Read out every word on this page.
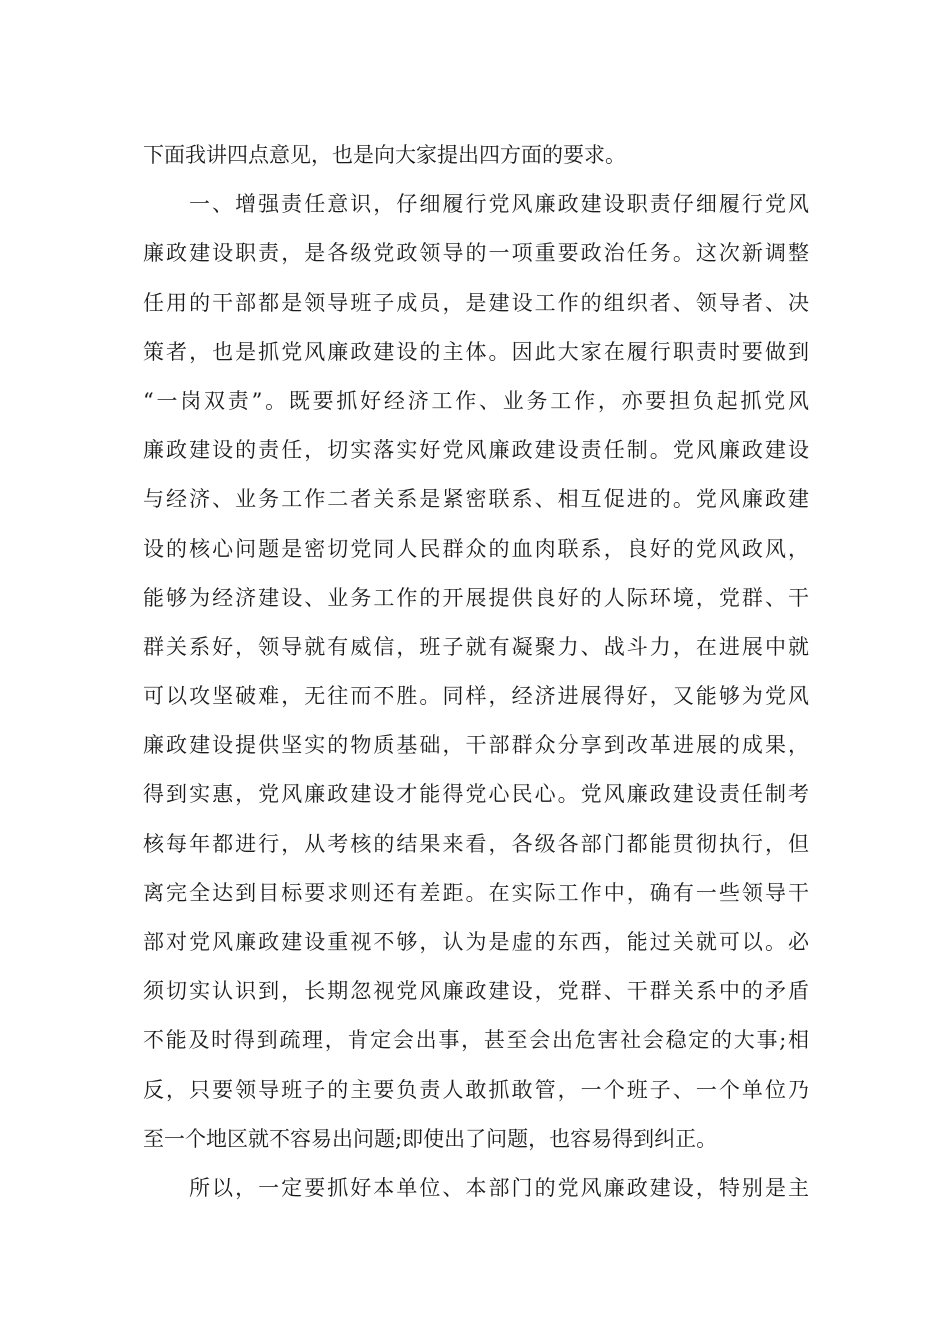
下面我讲四点意见，也是向大家提出四方面的要求。
一、增强责任意识，仔细履行党风廉政建设职责仔细履行党风
廉政建设职责，是各级党政领导的一项重要政治任务。这次新调整
任用的干部都是领导班子成员，是建设工作的组织者、领导者、决
策者，也是抓党风廉政建设的主体。因此大家在履行职责时要做到
“一岗双责”。既要抓好经济工作、业务工作，亦要担负起抓党风
廉政建设的责任，切实落实好党风廉政建设责任制。党风廉政建设
与经济、业务工作二者关系是紧密联系、相互促进的。党风廉政建
设的核心问题是密切党同人民群众的血肉联系，良好的党风政风，
能够为经济建设、业务工作的开展提供良好的人际环境，党群、干
群关系好，领导就有威信，班子就有凝聚力、战斗力，在进展中就
可以攻坚破难，无往而不胜。同样，经济进展得好，又能够为党风
廉政建设提供坚实的物质基础，干部群众分享到改革进展的成果，
得到实惠，党风廉政建设才能得党心民心。党风廉政建设责任制考
核每年都进行，从考核的结果来看，各级各部门都能贯彻执行，但
离完全达到目标要求则还有差距。在实际工作中，确有一些领导干
部对党风廉政建设重视不够，认为是虚的东西，能过关就可以。必
须切实认识到，长期忽视党风廉政建设，党群、干群关系中的矛盾
不能及时得到疏理，肯定会出事，甚至会出危害社会稳定的大事;相
反，只要领导班子的主要负责人敢抓敢管，一个班子、一个单位乃
至一个地区就不容易出问题;即使出了问题，也容易得到纠正。
所以，一定要抓好本单位、本部门的党风廉政建设，特别是主
